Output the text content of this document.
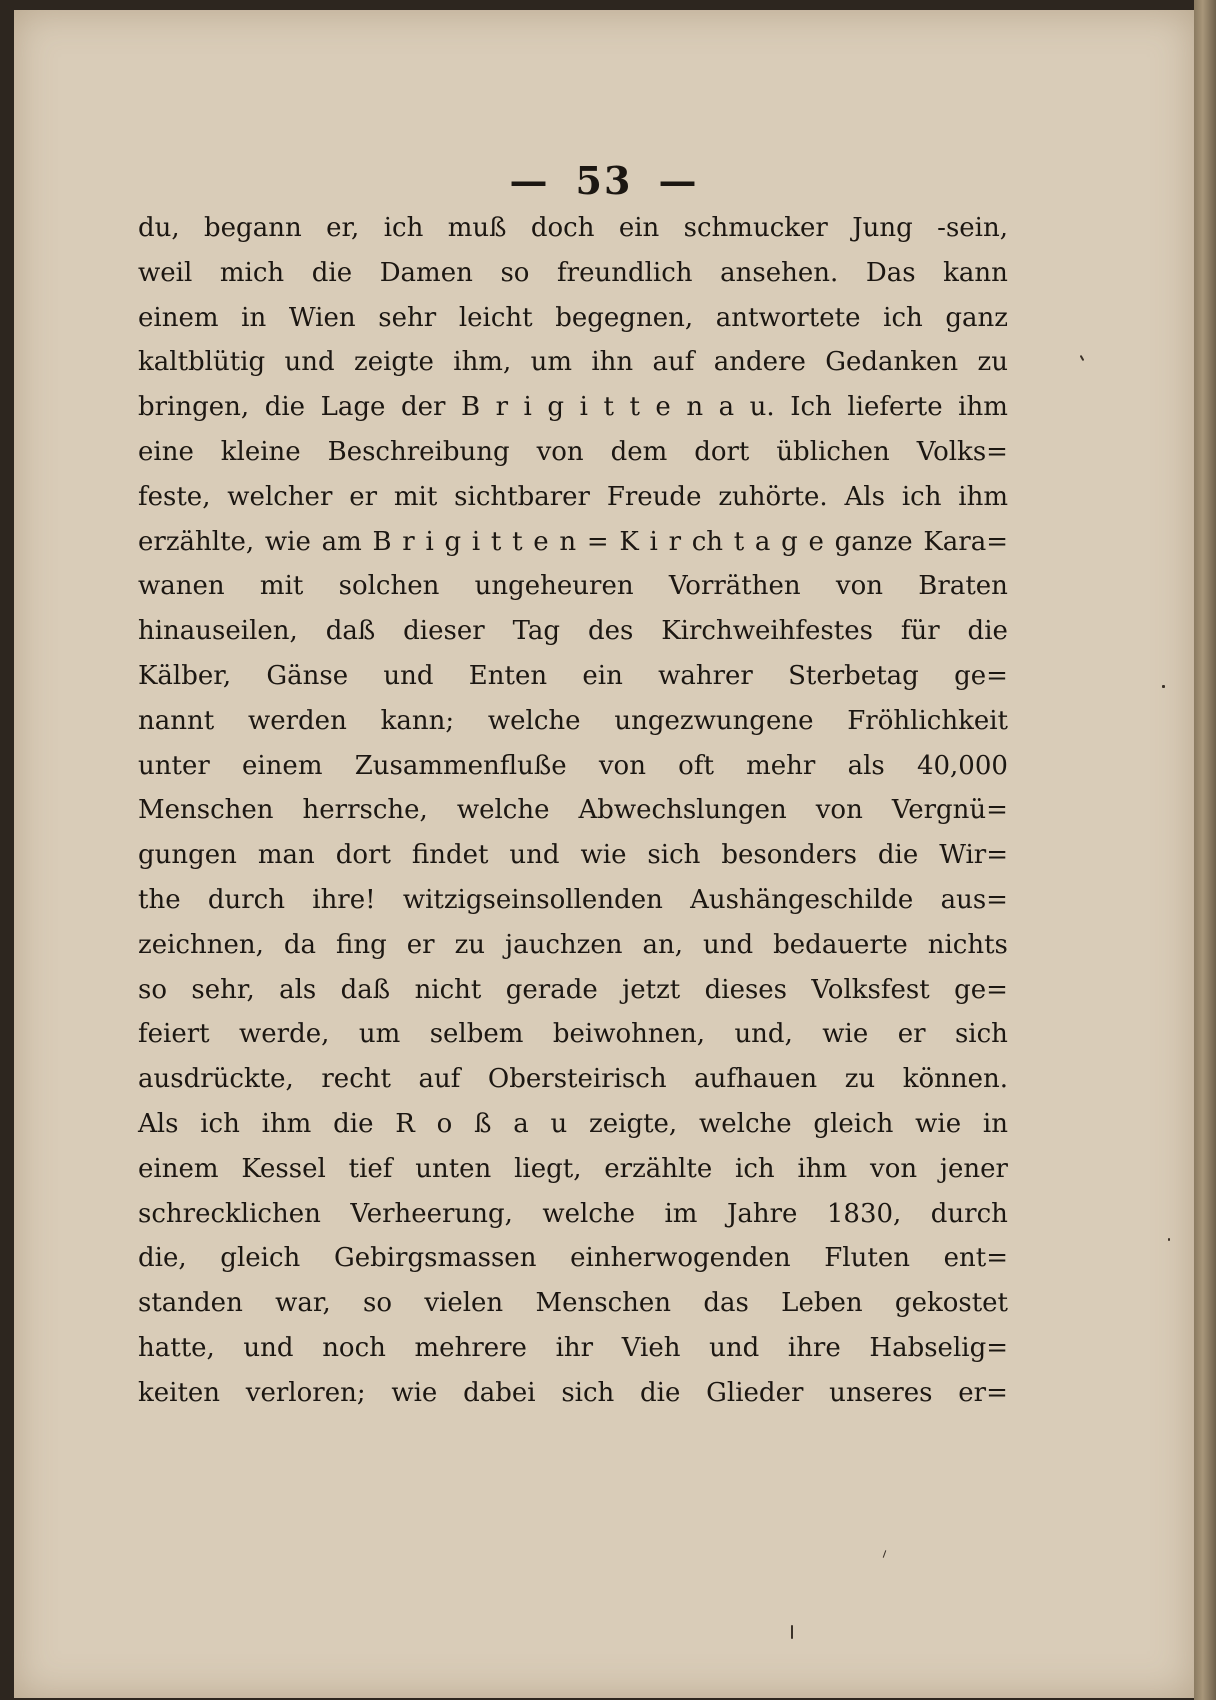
— 53 —
du, begann er, ich muß doch ein schmucker Jung -sein,
weil mich die Damen so freundlich ansehen. Das kann
einem in Wien sehr leicht begegnen, antwortete ich ganz
kaltblütig und zeigte ihm, um ihn auf andere Gedanken zu
bringen, die Lage der B r i g i t t e n a u. Ich lieferte ihm
eine kleine Beschreibung von dem dort üblichen Volks=
feste, welcher er mit sichtbarer Freude zuhörte. Als ich ihm
erzählte, wie am B r i g i t t e n = K i r ch t a g e ganze Kara=
wanen mit solchen ungeheuren Vorräthen von Braten
hinauseilen, daß dieser Tag des Kirchweihfestes für die
Kälber, Gänse und Enten ein wahrer Sterbetag ge=
nannt werden kann; welche ungezwungene Fröhlichkeit
unter einem Zusammenfluße von oft mehr als 40,000
Menschen herrsche, welche Abwechslungen von Vergnü=
gungen man dort findet und wie sich besonders die Wir=
the durch ihre! witzigseinsollenden Aushängeschilde aus=
zeichnen, da fing er zu jauchzen an, und bedauerte nichts
so sehr, als daß nicht gerade jetzt dieses Volksfest ge=
feiert werde, um selbem beiwohnen, und, wie er sich
ausdrückte, recht auf Obersteirisch aufhauen zu können.
Als ich ihm die R o ß a u zeigte, welche gleich wie in
einem Kessel tief unten liegt, erzählte ich ihm von jener
schrecklichen Verheerung, welche im Jahre 1830, durch
die, gleich Gebirgsmassen einherwogenden Fluten ent=
standen war, so vielen Menschen das Leben gekostet
hatte, und noch mehrere ihr Vieh und ihre Habselig=
keiten verloren; wie dabei sich die Glieder unseres er=
